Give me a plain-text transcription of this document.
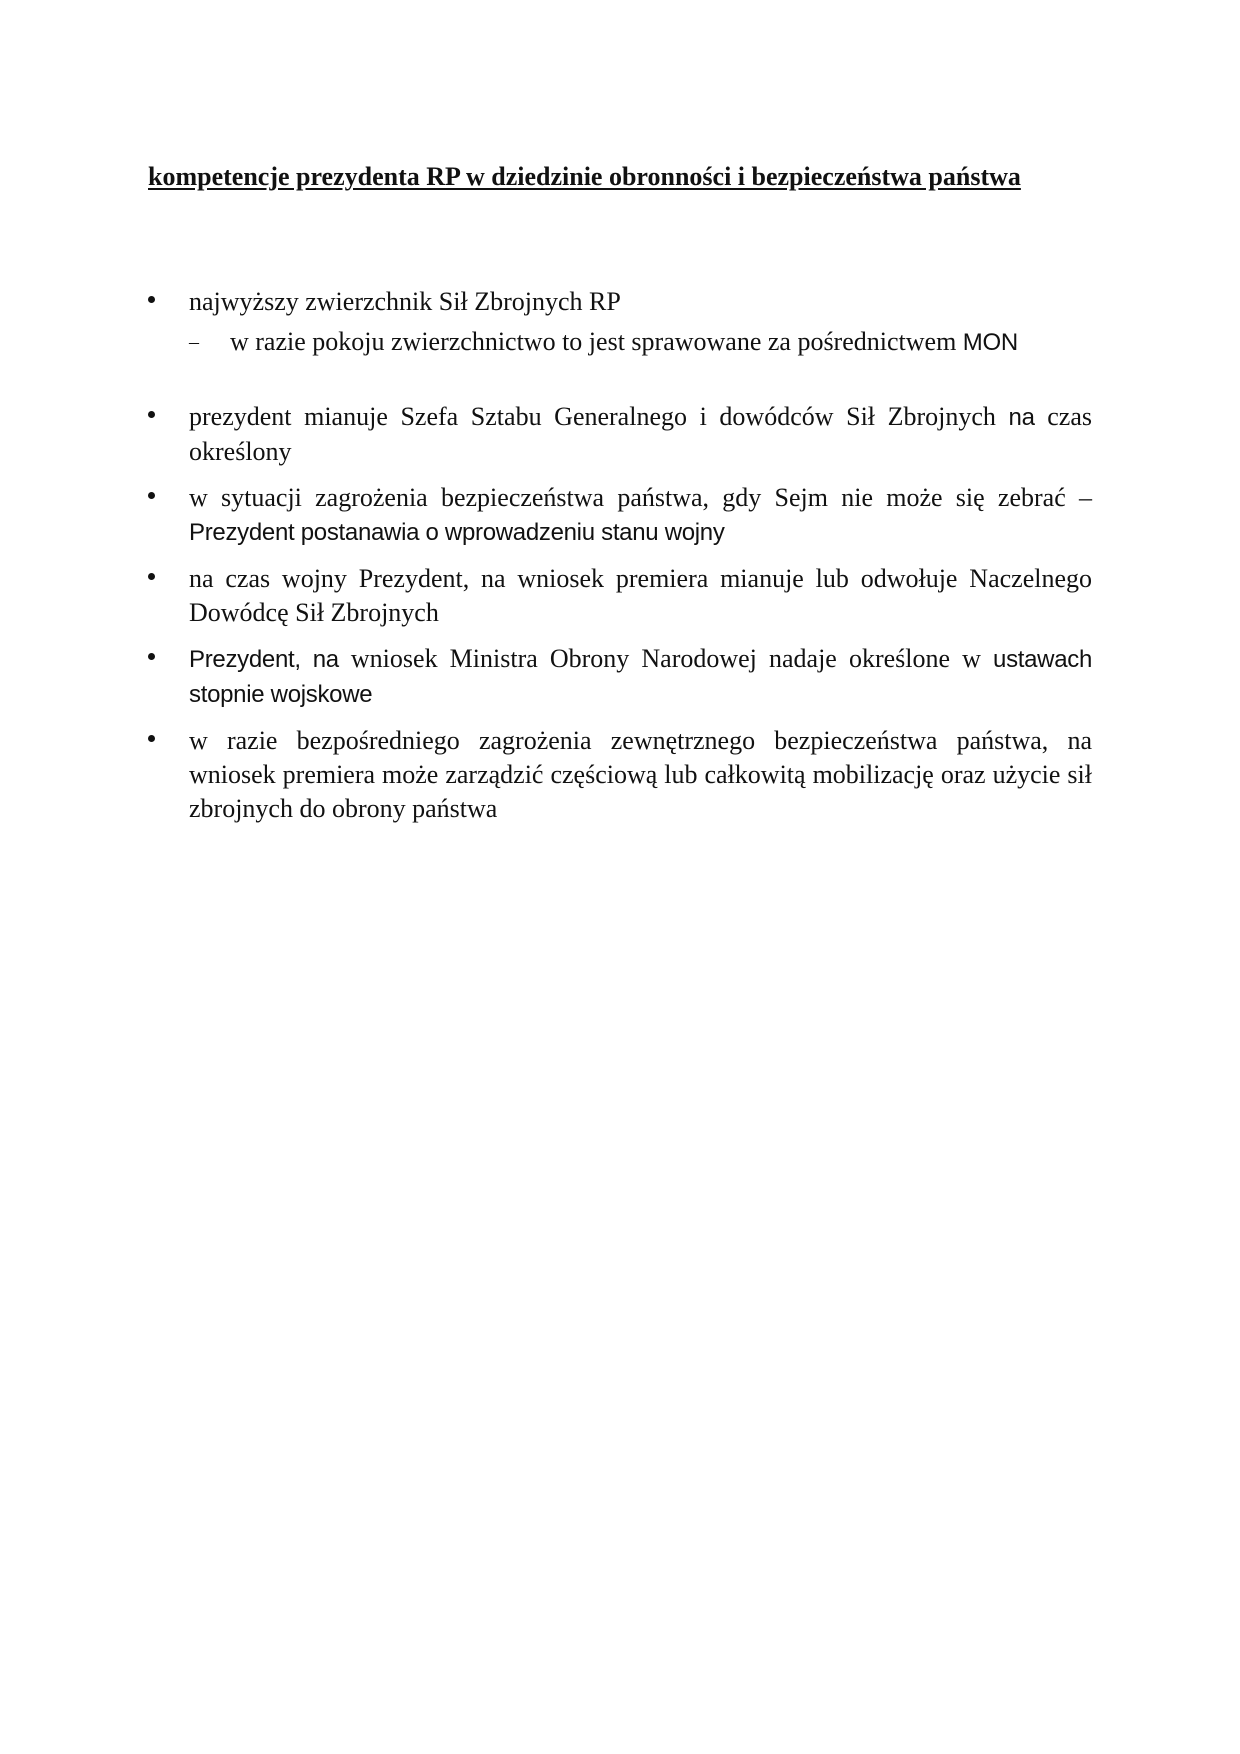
kompetencje prezydenta RP w dziedzinie obronności i bezpieczeństwa państwa
najwyższy zwierzchnik Sił Zbrojnych RP
– w razie pokoju zwierzchnictwo to jest sprawowane za pośrednictwem MON
prezydent mianuje Szefa Sztabu Generalnego i dowódców Sił Zbrojnych na czas określony
w sytuacji zagrożenia bezpieczeństwa państwa, gdy Sejm nie może się zebrać – Prezydent postanawia o wprowadzeniu stanu wojny
na czas wojny Prezydent, na wniosek premiera mianuje lub odwołuje Naczelnego Dowódcę Sił Zbrojnych
Prezydent, na wniosek Ministra Obrony Narodowej nadaje określone w ustawach stopnie wojskowe
w razie bezpośredniego zagrożenia zewnętrznego bezpieczeństwa państwa, na wniosek premiera może zarządzić częściową lub całkowitą mobilizację oraz użycie sił zbrojnych do obrony państwa
